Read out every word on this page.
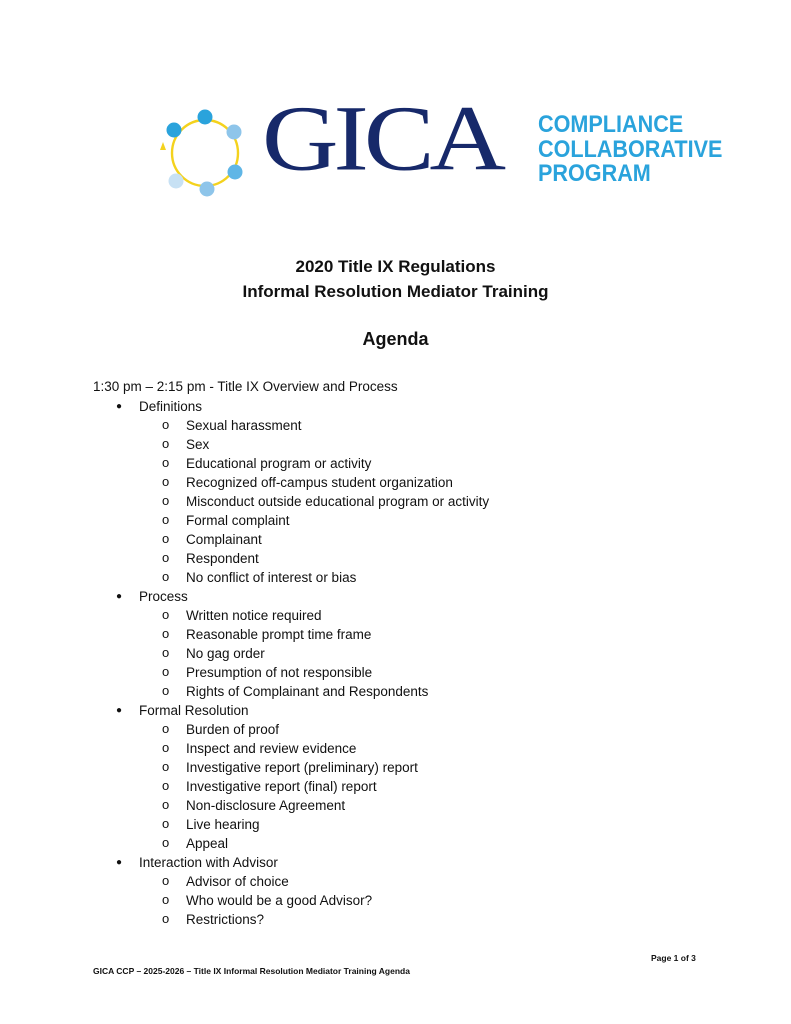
GICA COMPLIANCE
COLLABORATIVE
PROGRAM
2020 Title IX Regulations
Informal Resolution Mediator Training
Agenda
1:30 pm – 2:15 pm - Title IX Overview and Process
● Definitions
o Sexual harassment
o Sex
o Educational program or activity
o Recognized off-campus student organization
o Misconduct outside educational program or activity
o Formal complaint
o Complainant
o Respondent
o No conflict of interest or bias
● Process
o Written notice required
o Reasonable prompt time frame
o No gag order
o Presumption of not responsible
o Rights of Complainant and Respondents
● Formal Resolution
o Burden of proof
o Inspect and review evidence
o Investigative report (preliminary) report
o Investigative report (final) report
o Non-disclosure Agreement
o Live hearing
o Appeal
● Interaction with Advisor
o Advisor of choice
o Who would be a good Advisor?
o Restrictions?
Page 1 of 3
GICA CCP – 2025-2026 – Title IX Informal Resolution Mediator Training Agenda
